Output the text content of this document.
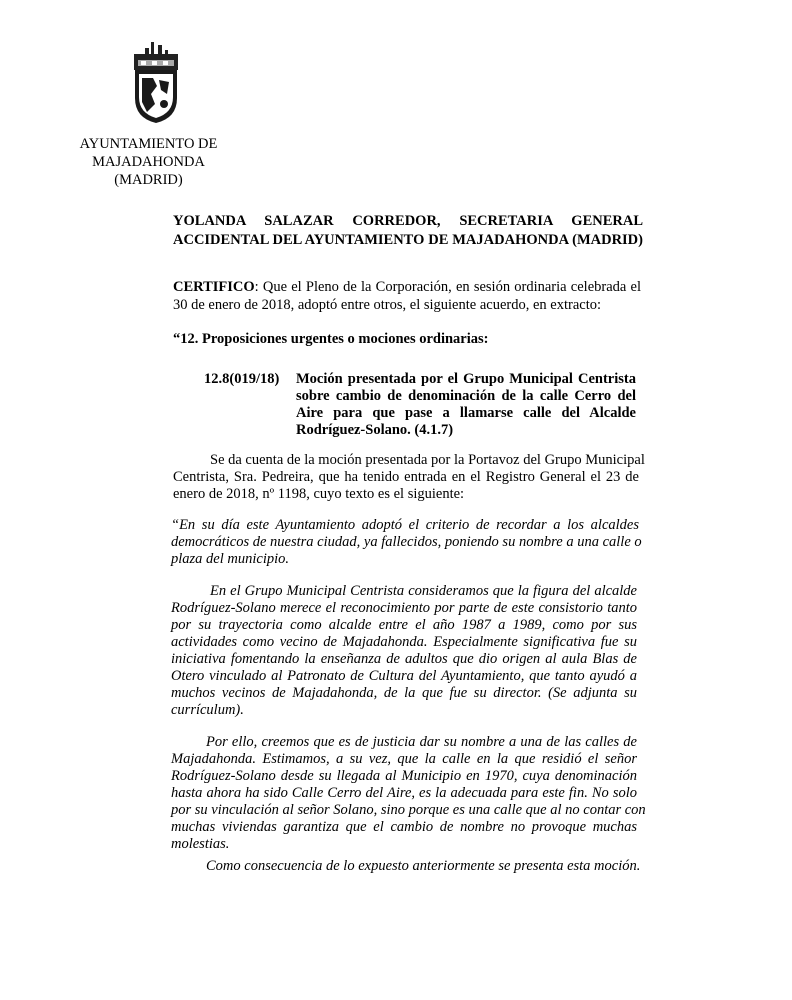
AYUNTAMIENTO DE
MAJADAHONDA
(MADRID)
YOLANDA SALAZAR CORREDOR, SECRETARIA GENERAL
ACCIDENTAL DEL AYUNTAMIENTO DE MAJADAHONDA (MADRID)
CERTIFICO: Que el Pleno de la Corporación, en sesión ordinaria celebrada el
30 de enero de 2018, adoptó entre otros, el siguiente acuerdo, en extracto:
“12. Proposiciones urgentes o mociones ordinarias:
12.8(019/18) Moción presentada por el Grupo Municipal Centrista
sobre cambio de denominación de la calle Cerro del
Aire para que pase a llamarse calle del Alcalde
Rodríguez-Solano. (4.1.7)
Se da cuenta de la moción presentada por la Portavoz del Grupo Municipal
Centrista, Sra. Pedreira, que ha tenido entrada en el Registro General el 23 de
enero de 2018, nº 1198, cuyo texto es el siguiente:
“En su día este Ayuntamiento adoptó el criterio de recordar a los alcaldes
democráticos de nuestra ciudad, ya fallecidos, poniendo su nombre a una calle o
plaza del municipio.
En el Grupo Municipal Centrista consideramos que la figura del alcalde
Rodríguez-Solano merece el reconocimiento por parte de este consistorio tanto
por su trayectoria como alcalde entre el año 1987 a 1989, como por sus
actividades como vecino de Majadahonda. Especialmente significativa fue su
iniciativa fomentando la enseñanza de adultos que dio origen al aula Blas de
Otero vinculado al Patronato de Cultura del Ayuntamiento, que tanto ayudó a
muchos vecinos de Majadahonda, de la que fue su director. (Se adjunta su
currículum).
Por ello, creemos que es de justicia dar su nombre a una de las calles de
Majadahonda. Estimamos, a su vez, que la calle en la que residió el señor
Rodríguez-Solano desde su llegada al Municipio en 1970, cuya denominación
hasta ahora ha sido Calle Cerro del Aire, es la adecuada para este fin. No solo
por su vinculación al señor Solano, sino porque es una calle que al no contar con
muchas viviendas garantiza que el cambio de nombre no provoque muchas
molestias.
Como consecuencia de lo expuesto anteriormente se presenta esta moción.
